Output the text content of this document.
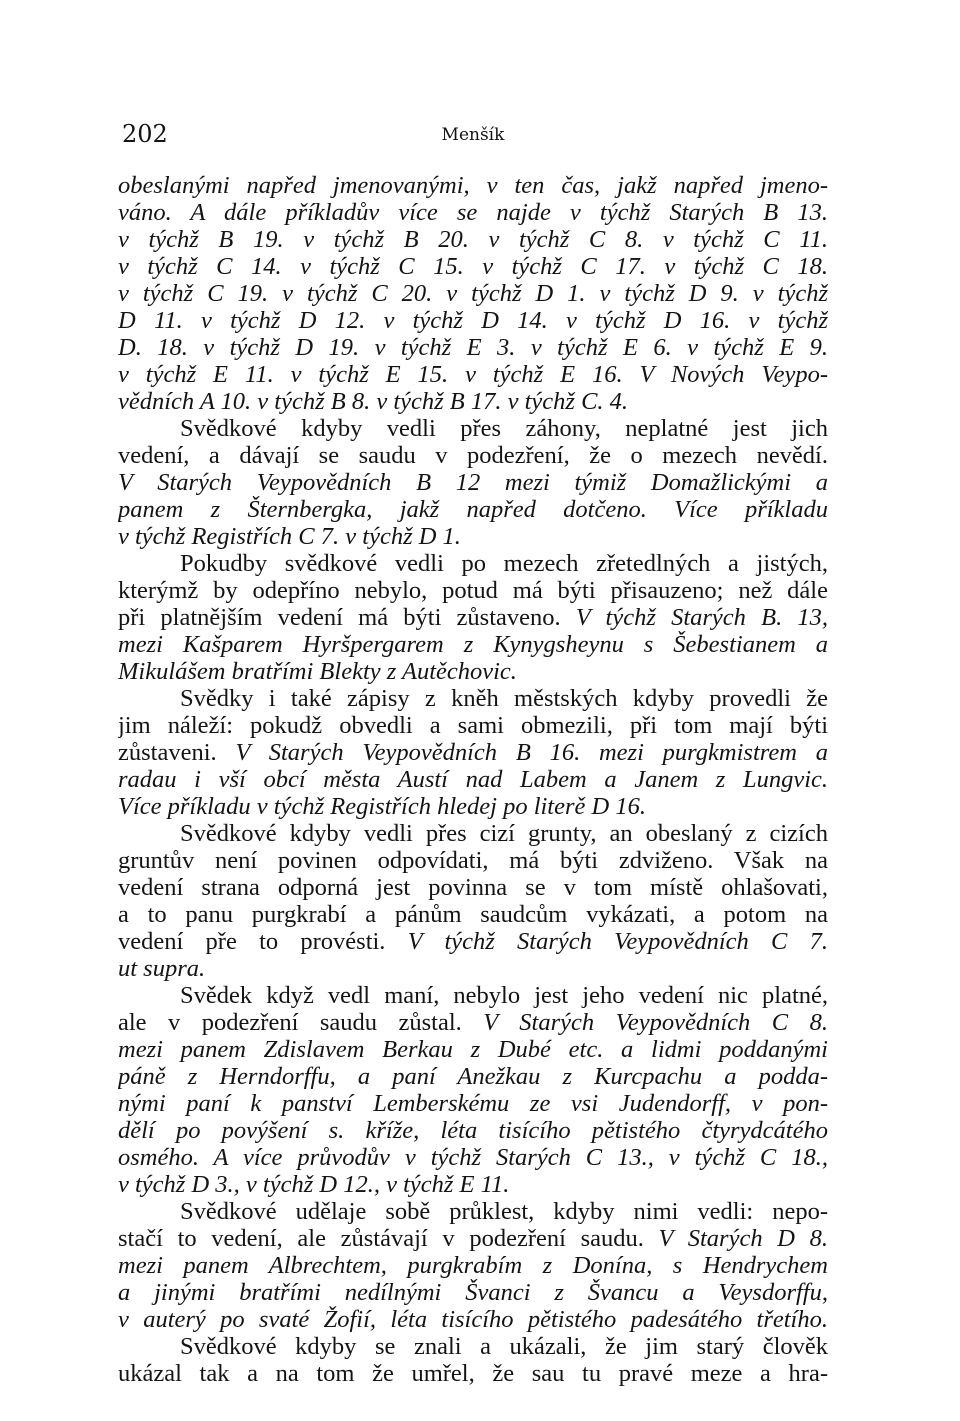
202	Menšík
obeslanými napřed jmenovanými, v ten čas, jakž napřed jmeno-
váno. A dále příkladův více se najde v týchž Starých B 13.
v týchž B 19. v týchž B 20. v týchž C 8. v týchž C 11.
v týchž C 14. v týchž C 15. v týchž C 17. v týchž C 18.
v týchž C 19. v týchž C 20. v týchž D 1. v týchž D 9. v týchž
D 11. v týchž D 12. v týchž D 14. v týchž D 16. v týchž
D. 18. v týchž D 19. v týchž E 3. v týchž E 6. v týchž E 9.
v týchž E 11. v týchž E 15. v týchž E 16. V Nových Veypo-
vědních A 10. v týchž B 8. v týchž B 17. v týchž C. 4.
Svědkové kdyby vedli přes záhony, neplatné jest jich
vedení, a dávají se saudu v podezření, že o mezech nevědí.
V Starých Veypovědních B 12 mezi týmiž Domažlickými a
panem z Šternbergka, jakž napřed dotčeno. Více příkladu
v týchž Registřích C 7. v týchž D 1.
Pokudby svědkové vedli po mezech zřetedlných a jistých,
kterýmž by odepříno nebylo, potud má býti přisauzeno; než dále
při platnějším vedení má býti zůstaveno. V týchž Starých B. 13,
mezi Kašparem Hyršpergarem z Kynygsheynu s Šebestianem a
Mikulášem bratřími Blekty z Autěchovic.
Svědky i také zápisy z kněh městských kdyby provedli že
jim náleží: pokudž obvedli a sami obmezili, při tom mají býti
zůstaveni. V Starých Veypovědních B 16. mezi purgkmistrem a
radau i vší obcí města Austí nad Labem a Janem z Lungvic.
Více příkladu v týchž Registřích hledej po literě D 16.
Svědkové kdyby vedli přes cizí grunty, an obeslaný z cizích
gruntův není povinen odpovídati, má býti zdviženo. Však na
vedení strana odporná jest povinna se v tom místě ohlašovati,
a to panu purgkrabí a pánům saudcům vykázati, a potom na
vedení pře to provésti. V týchž Starých Veypovědních C 7.
ut supra.
Svědek když vedl maní, nebylo jest jeho vedení nic platné,
ale v podezření saudu zůstal. V Starých Veypovědních C 8.
mezi panem Zdislavem Berkau z Dubé etc. a lidmi poddanými
páně z Herndorffu, a paní Anežkau z Kurcpachu a podda-
nými paní k panství Lemberskému ze vsi Judendorff, v pon-
dělí po povýšení s. kříže, léta tisícího pětistého čtyrydcátého
osmého. A více průvodův v týchž Starých C 13., v týchž C 18.,
v týchž D 3., v týchž D 12., v týchž E 11.
Svědkové udělaje sobě průklest, kdyby nimi vedli: nepo-
stačí to vedení, ale zůstávají v podezření saudu. V Starých D 8.
mezi panem Albrechtem, purgkrabím z Donína, s Hendrychem
a jinými bratřími nedílnými Švanci z Švancu a Veysdorffu,
v auterý po svaté Žofií, léta tisícího pětistého padesátého třetího.
Svědkové kdyby se znali a ukázali, že jim starý člověk
ukázal tak a na tom že umřel, že sau tu pravé meze a hra-
